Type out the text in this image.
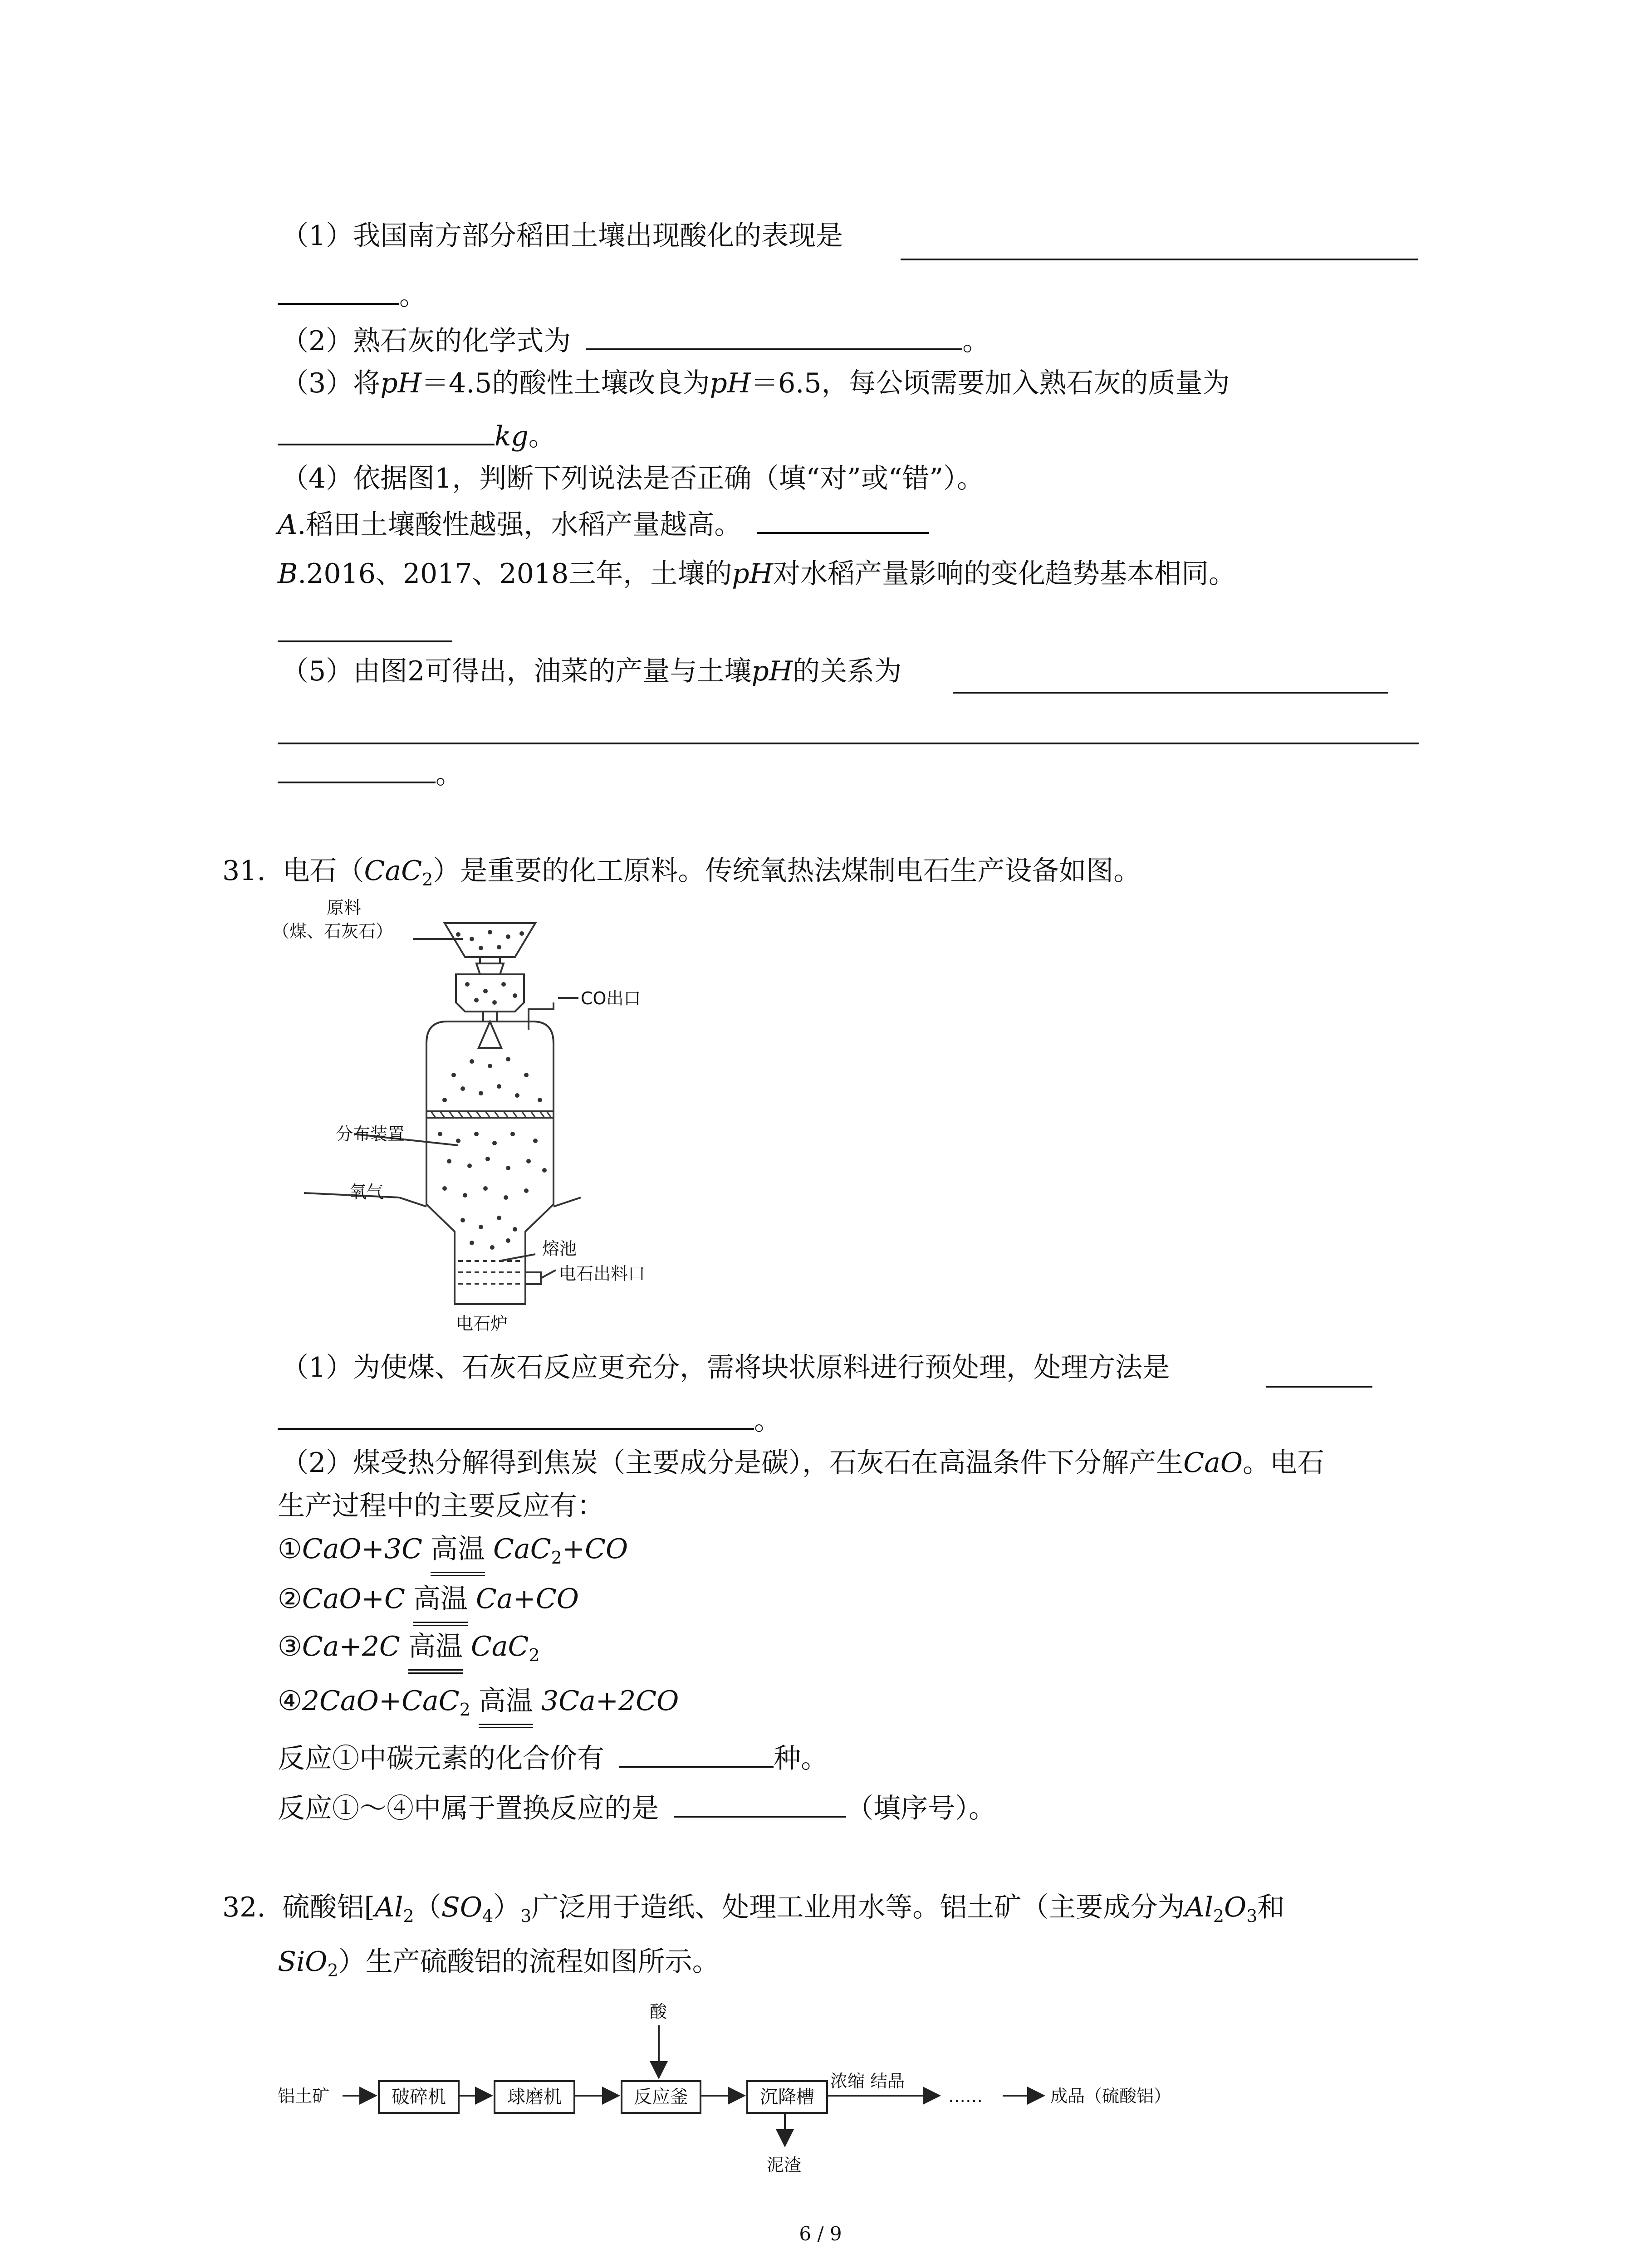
（1）我国南方部分稻田土壤出现酸化的表现是
。
（2）熟石灰的化学式为	。
（3）将pH＝4.5的酸性土壤改良为pH＝6.5，每公顷需要加入熟石灰的质量为
kg。
（4）依据图1，判断下列说法是否正确（填“对”或“错”）。
A.稻田土壤酸性越强，水稻产量越高。
B.2016、2017、2018三年，土壤的pH对水稻产量影响的变化趋势基本相同。
（5）由图2可得出，油菜的产量与土壤pH的关系为
。
31. 电石（CaC$_2$）是重要的化工原料。传统氧热法煤制电石生产设备如图。
原料
（煤、石灰石）
CO出口
分布装置
氧气
熔池
电石出料口
电石炉
（1）为使煤、石灰石反应更充分，需将块状原料进行预处理，处理方法是
。
（2）煤受热分解得到焦炭（主要成分是碳），石灰石在高温条件下分解产生CaO。电石
生产过程中的主要反应有：
①CaO+3C 高温 CaC$_2$+CO
②CaO+C 高温 Ca+CO
③Ca+2C 高温 CaC$_2$
④2CaO+CaC$_2$ 高温 3Ca+2CO
反应①中碳元素的化合价有	种。
反应①～④中属于置换反应的是	（填序号）。
32. 硫酸铝[$Al_2(SO_4)_3$广泛用于造纸、处理工业用水等。铝土矿（主要成分为$Al_2O_3$和
SiO$_2$）生产硫酸铝的流程如图所示。
铝土矿	破碎机	球磨机	反应釜
酸
沉降槽
泥渣
浓缩 结晶
……	成品（硫酸铝）
6 / 9
